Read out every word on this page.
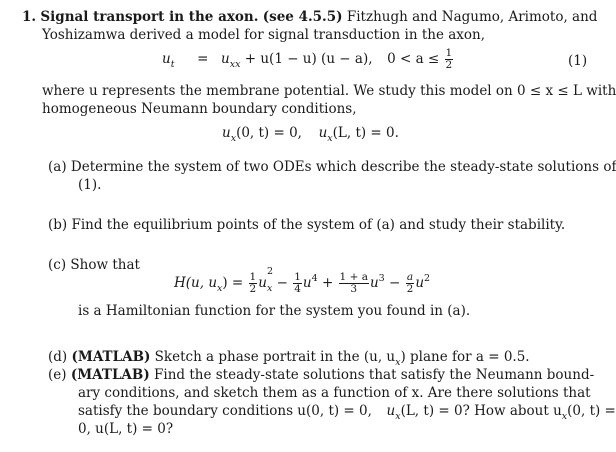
1. Signal transport in the axon. (see 4.5.5) Fitzhugh and Nagumo, Arimoto, and
Yoshizamwa derived a model for signal transduction in the axon,
$u_t = u_{xx} + u(1 - u) (u - a)$, $0 < a \le \frac{1}{2}$	(1)
where u represents the membrane potential. We study this model on 0 ≤ x ≤ L with
homogeneous Neumann boundary conditions,
$u_x(0$, t) = 0, $u_x(L$, t) = 0.
(a) Determine the system of two ODEs which describe the steady-state solutions of
(1).
(b) Find the equilibrium points of the system of (a) and study their stability.
(c) Show that
H(u, $u_x) = \frac{1}{2}$ u
2
$_x - \frac{1}{4} u^4 + \frac{1 + a}{3} u^3 - \frac{a}{2} u^2$
is a Hamiltonian function for the system you found in (a).
(d) (MATLAB) Sketch a phase portrait in the (u, $u_x$) plane for a = 0.5.
(e) (MATLAB) Find the steady-state solutions that satisfy the Neumann bound-
ary conditions, and sketch them as a function of x. Are there solutions that
satisfy the boundary conditions u(0, t) = 0, $u_x(L$, t) = 0? How about $u_x(0$, t) =
0, u(L, t) = 0?
